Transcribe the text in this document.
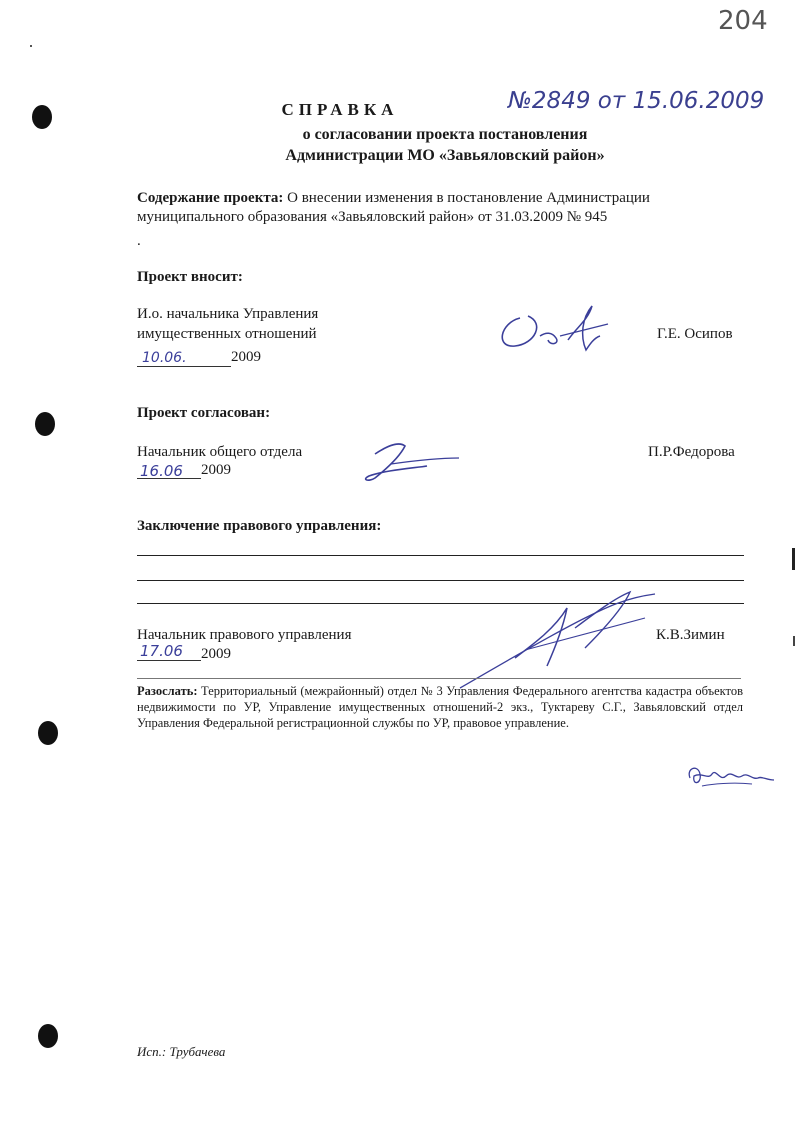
204
СПРАВКА	№2849 от 15.06.2009
о согласовании проекта постановления
Администрации МО «Завьяловский район»
Содержание проекта: О внесении изменения в постановление Администрации
муниципального образования «Завьяловский район» от 31.03.2009 № 945
.
Проект вносит:
И.о. начальника Управления
имущественных отношений
10.06.	2009
Г.Е. Осипов
Проект согласован:
Начальник общего отдела
16.06 2009
П.Р.Федорова
Заключение правового управления:
Начальник правового управления
17.06 2009
К.В.Зимин
Разослать: Территориальный (межрайонный) отдел № 3 Управления Федерального агентства кадастра объектов недвижимости по УР, Управление имущественных отношений-2 экз., Туктареву С.Г., Завьяловский отдел Управления Федеральной регистрационной службы по УР, правовое управление.
Исп.: Трубачева
